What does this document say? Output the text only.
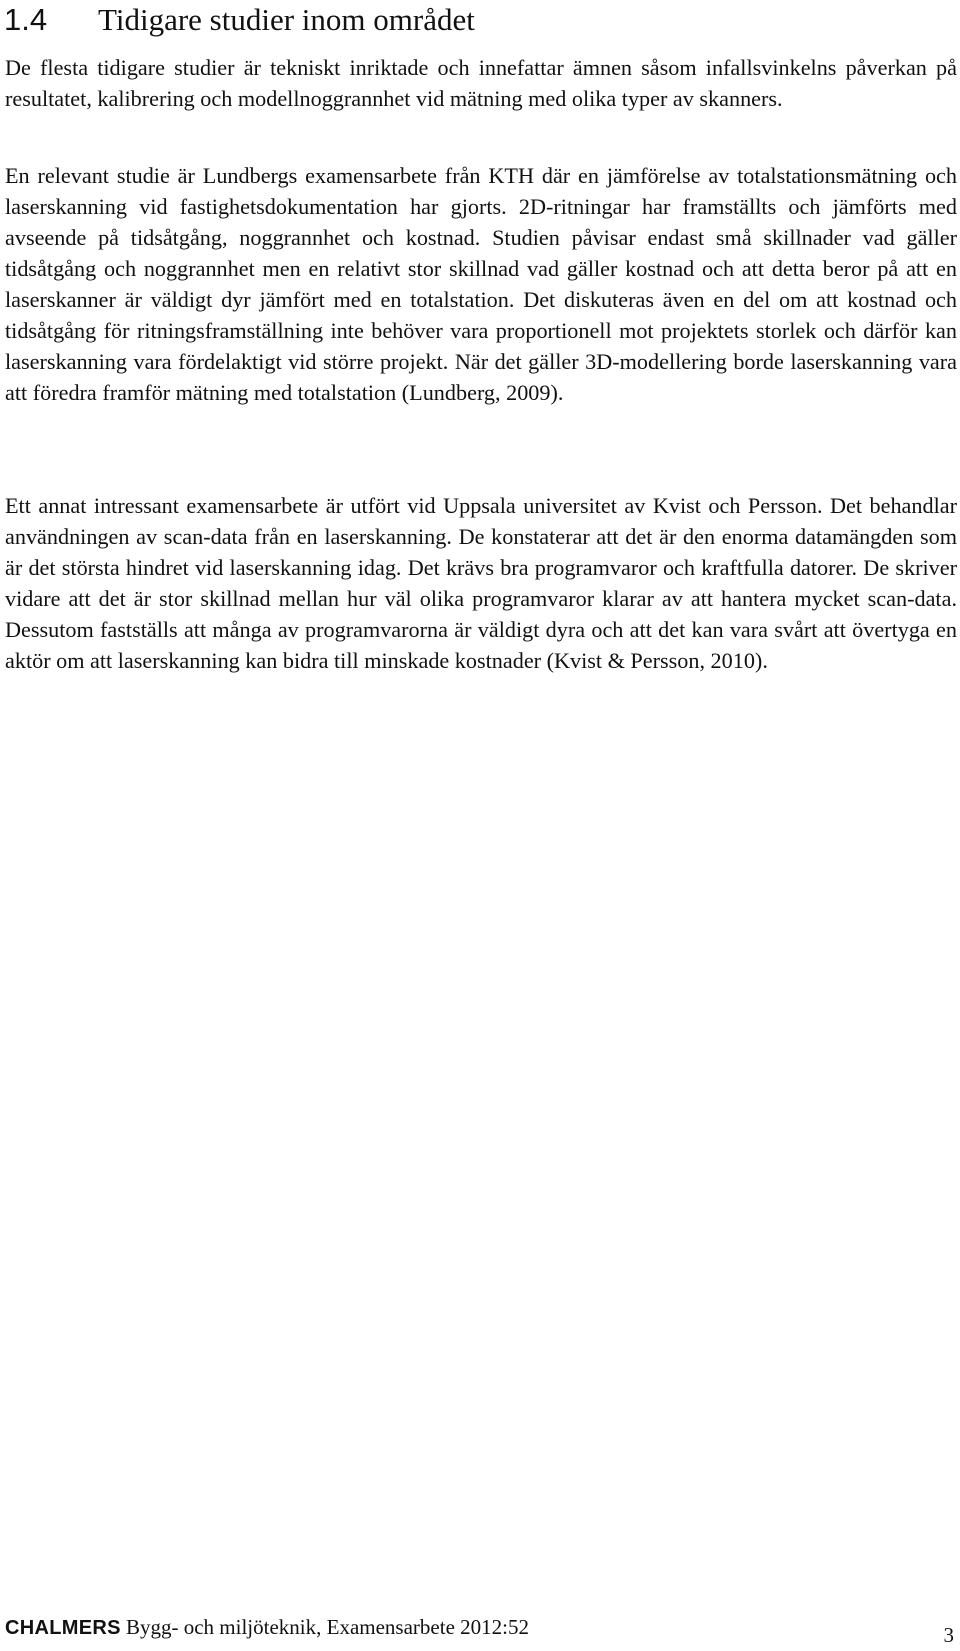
1.4 Tidigare studier inom området

De flesta tidigare studier är tekniskt inriktade och innefattar ämnen såsom infallsvinkelns påverkan på resultatet, kalibrering och modellnoggrannhet vid mätning med olika typer av skanners.

En relevant studie är Lundbergs examensarbete från KTH där en jämförelse av totalstationsmätning och laserskanning vid fastighetsdokumentation har gjorts. 2D-ritningar har framställts och jämförts med avseende på tidsåtgång, noggrannhet och kostnad. Studien påvisar endast små skillnader vad gäller tidsåtgång och noggrannhet men en relativt stor skillnad vad gäller kostnad och att detta beror på att en laserskanner är väldigt dyr jämfört med en totalstation. Det diskuteras även en del om att kostnad och tidsåtgång för ritningsframställning inte behöver vara proportionell mot projektets storlek och därför kan laserskanning vara fördelaktigt vid större projekt. När det gäller 3D-modellering borde laserskanning vara att föredra framför mätning med totalstation (Lundberg, 2009).

Ett annat intressant examensarbete är utfört vid Uppsala universitet av Kvist och Persson. Det behandlar användningen av scan-data från en laserskanning. De konstaterar att det är den enorma datamängden som är det största hindret vid laserskanning idag. Det krävs bra programvaror och kraftfulla datorer. De skriver vidare att det är stor skillnad mellan hur väl olika programvaror klarar av att hantera mycket scan-data. Dessutom fastställs att många av programvarorna är väldigt dyra och att det kan vara svårt att övertyga en aktör om att laserskanning kan bidra till minskade kostnader (Kvist & Persson, 2010).

CHALMERS Bygg- och miljöteknik, Examensarbete 2012:52	3
